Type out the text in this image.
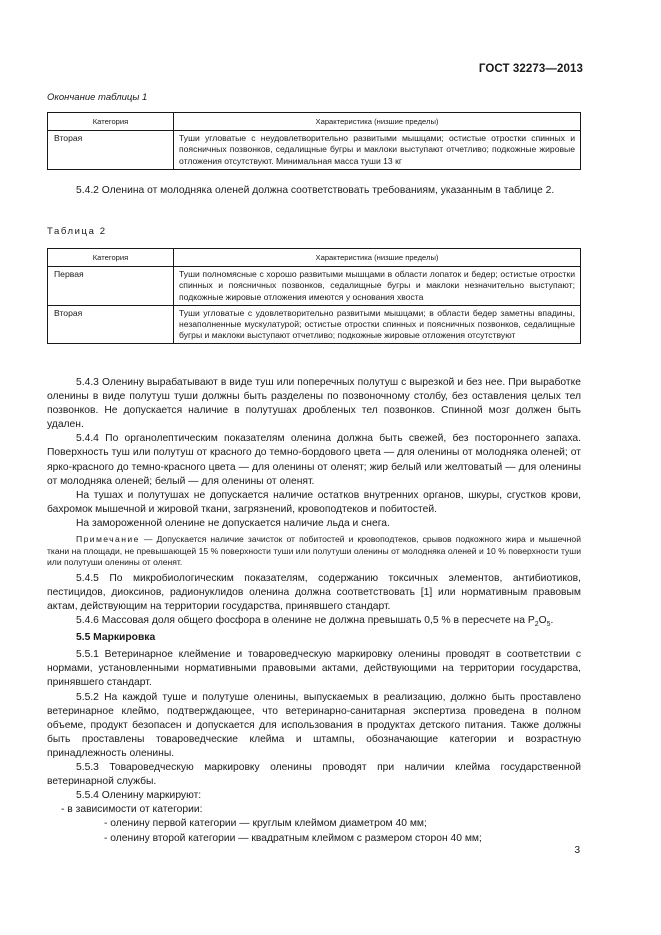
ГОСТ 32273—2013
Окончание таблицы 1
Категория	Характеристика (низшие пределы)
Вторая	Туши угловатые с неудовлетворительно развитыми мышцами; остистые отростки спинных и поясничных позвонков, седалищные бугры и маклоки выступают отчетливо; подкожные жировые отложения отсутствуют. Минимальная масса туши 13 кг

5.4.2 Оленина от молодняка оленей должна соответствовать требованиям, указанным в таблице 2.

Таблица 2
Категория	Характеристика (низшие пределы)
Первая	Туши полномясные с хорошо развитыми мышцами в области лопаток и бедер; остистые отростки спинных и поясничных позвонков, седалищные бугры и маклоки незначительно выступают; подкожные жировые отложения имеются у основания хвоста
Вторая	Туши угловатые с удовлетворительно развитыми мышцами; в области бедер заметны впадины, незаполненные мускулатурой; остистые отростки спинных и поясничных позвонков, седалищные бугры и маклоки выступают отчетливо; подкожные жировые отложения отсутствуют

5.4.3 Оленину вырабатывают в виде туш или поперечных полутуш с вырезкой и без нее. При выработке оленины в виде полутуш туши должны быть разделены по позвоночному столбу, без оставления целых тел позвонков. Не допускается наличие в полутушах дробленых тел позвонков. Спинной мозг должен быть удален.

5.4.4 По органолептическим показателям оленина должна быть свежей, без постороннего запаха. Поверхность туш или полутуш от красного до темно-бордового цвета — для оленины от молодняка оленей; от ярко-красного до темно-красного цвета — для оленины от оленят; жир белый или желтоватый — для оленины от молодняка оленей; белый — для оленины от оленят.

На тушах и полутушах не допускается наличие остатков внутренних органов, шкуры, сгустков крови, бахромок мышечной и жировой ткани, загрязнений, кровоподтеков и побитостей.

На замороженной оленине не допускается наличие льда и снега.

Примечание — Допускается наличие зачисток от побитостей и кровоподтеков, срывов подкожного жира и мышечной ткани на площади, не превышающей 15 % поверхности туши или полутуши оленины от молодняка оленей и 10 % поверхности туши или полутуши оленины от оленят.

5.4.5 По микробиологическим показателям, содержанию токсичных элементов, антибиотиков, пестицидов, диоксинов, радионуклидов оленина должна соответствовать [1] или нормативным правовым актам, действующим на территории государства, принявшего стандарт.

5.4.6 Массовая доля общего фосфора в оленине не должна превышать 0,5 % в пересчете на $P_2O_5$.

5.5 Маркировка

5.5.1 Ветеринарное клеймение и товароведческую маркировку оленины проводят в соответствии с нормами, установленными нормативными правовыми актами, действующими на территории государства, принявшего стандарт.

5.5.2 На каждой туше и полутуше оленины, выпускаемых в реализацию, должно быть проставлено ветеринарное клеймо, подтверждающее, что ветеринарно-санитарная экспертиза проведена в полном объеме, продукт безопасен и допускается для использования в продуктах детского питания. Также должны быть проставлены товароведческие клейма и штампы, обозначающие категории и возрастную принадлежность оленины.

5.5.3 Товароведческую маркировку оленины проводят при наличии клейма государственной ветеринарной службы.

5.5.4 Оленину маркируют:

- в зависимости от категории:

- оленину первой категории — круглым клеймом диаметром 40 мм;

- оленину второй категории — квадратным клеймом с размером сторон 40 мм;

3
